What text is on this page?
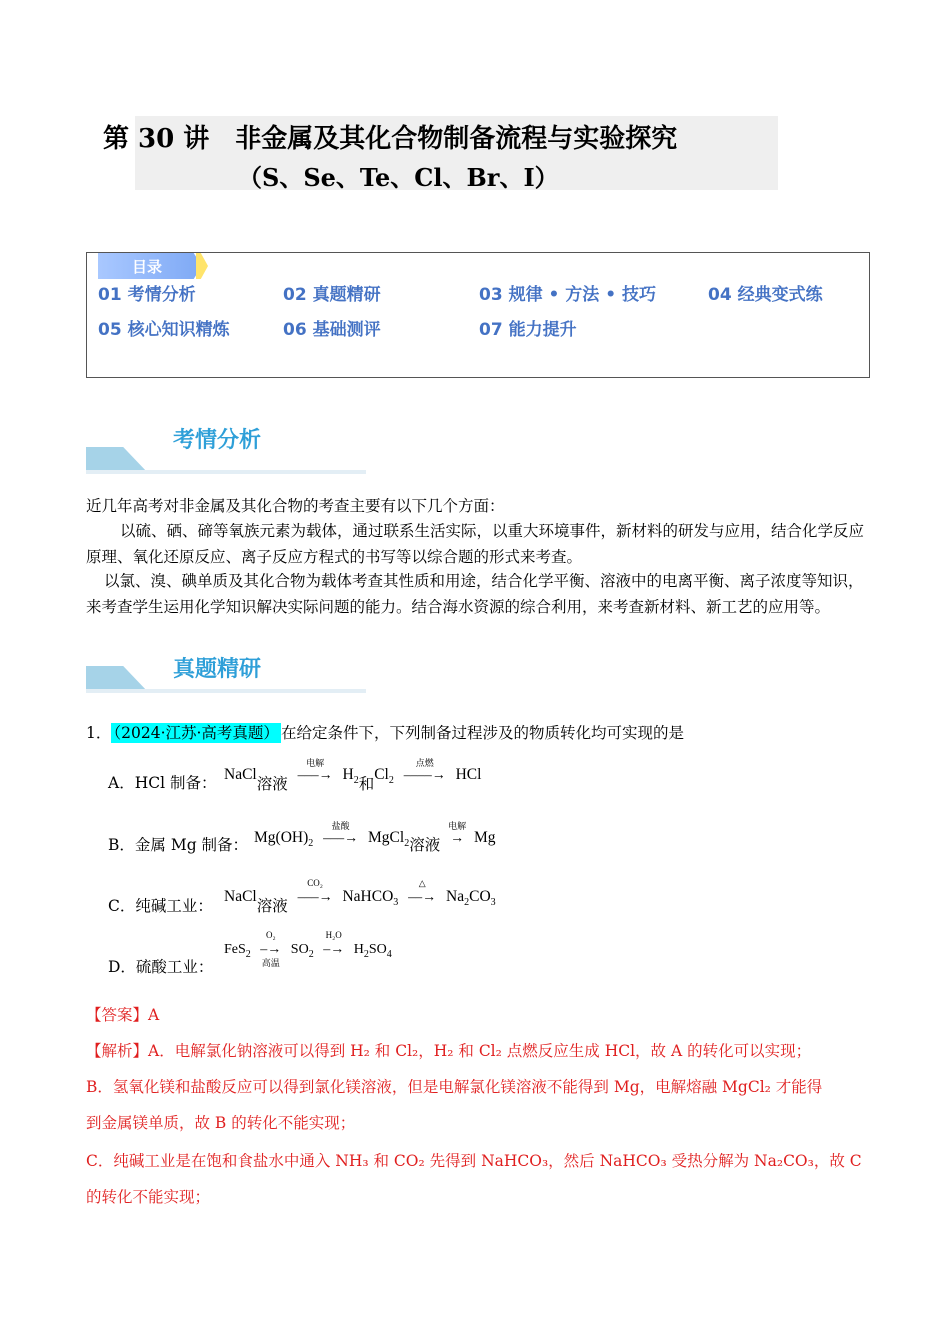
第 30 讲　非金属及其化合物制备流程与实验探究
（S、Se、Te、Cl、Br、I）
目录
01 考情分析	02 真题精研	03 规律 • 方法 • 技巧	04 经典变式练
05 核心知识精炼	06 基础测评	07 能力提升
考情分析
近几年高考对非金属及其化合物的考查主要有以下几个方面：
以硫、硒、碲等氧族元素为载体，通过联系生活实际，以重大环境事件，新材料的研发与应用，结合化学反应原理、氧化还原反应、离子反应方程式的书写等以综合题的形式来考查。
以氯、溴、碘单质及其化合物为载体考查其性质和用途，结合化学平衡、溶液中的电离平衡、离子浓度等知识，来考查学生运用化学知识解决实际问题的能力。结合海水资源的综合利用，来考查新材料、新工艺的应用等。
真题精研
1． （2024·江苏·高考真题） 在给定条件下，下列制备过程涉及的物质转化均可实现的是
A．HCl 制备： NaCl溶液 –––→
电解
$H_2$和$Cl_2$ ––––→
点燃
HCl
B．金属 Mg 制备： $Mg(OH)_2$ –––→
盐酸
MgCl$_2$溶液 →
电解
Mg
C．纯碱工业：
NaCl溶液 –––→
CO₂
NaHCO$_3$ ––→
△
$Na_2CO_3$
D．硫酸工业：
FeS$_2$ –→
O₂
高温
$SO_2$ –→
H₂O
$H_2SO_4$
【答案】A
【解析】A．电解氯化钠溶液可以得到 H₂ 和 Cl₂，H₂ 和 Cl₂ 点燃反应生成 HCl，故 A 的转化可以实现；
B．氢氧化镁和盐酸反应可以得到氯化镁溶液，但是电解氯化镁溶液不能得到 Mg，电解熔融 MgCl₂ 才能得
到金属镁单质，故 B 的转化不能实现；
C．纯碱工业是在饱和食盐水中通入 NH₃ 和 CO₂ 先得到 NaHCO₃，然后 NaHCO₃ 受热分解为 Na₂CO₃，故 C
的转化不能实现；
